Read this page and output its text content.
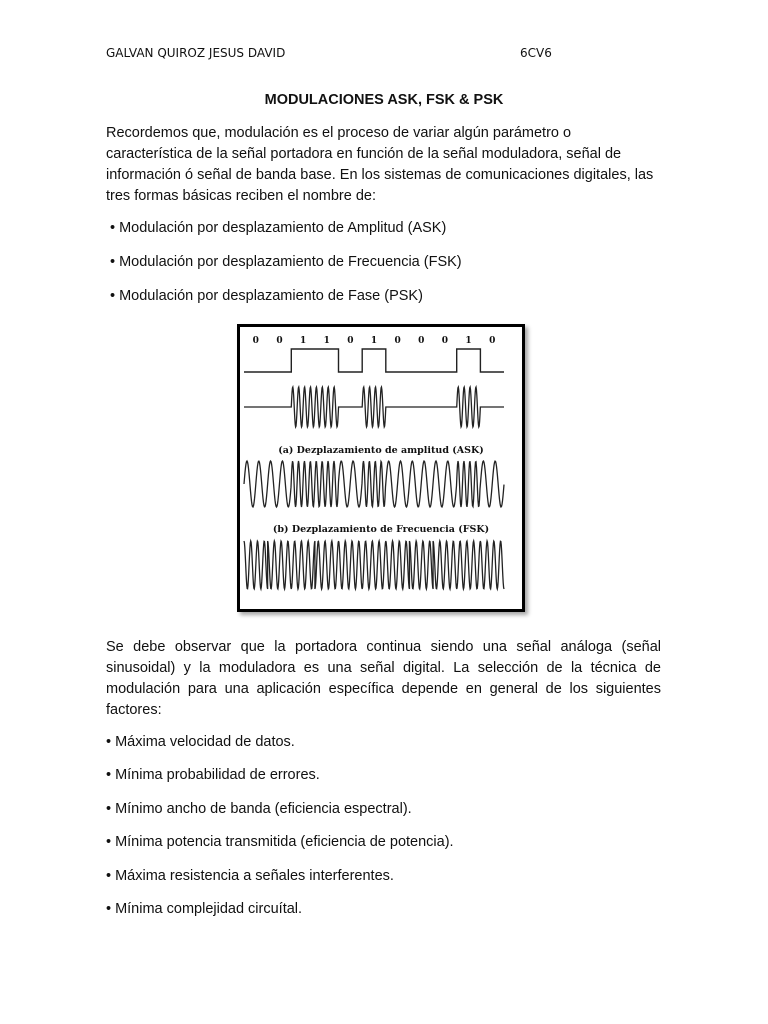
GALVAN QUIROZ JESUS DAVID	6CV6
MODULACIONES ASK, FSK & PSK

Recordemos que, modulación es el proceso de variar algún parámetro o característica de la señal portadora en función de la señal moduladora, señal de información ó señal de banda base. En los sistemas de comunicaciones digitales, las tres formas básicas reciben el nombre de:

• Modulación por desplazamiento de Amplitud (ASK)
• Modulación por desplazamiento de Frecuencia (FSK)
• Modulación por desplazamiento de Fase (PSK)
0 0 1 1 0 1 0 0 0 1 0
(a) Dezplazamiento de amplitud (ASK)
(b) Dezplazamiento de Frecuencia (FSK)

Se debe observar que la portadora continua siendo una señal análoga (señal sinusoidal) y la moduladora es una señal digital. La selección de la técnica de modulación para una aplicación específica depende en general de los siguientes factores:

• Máxima velocidad de datos.
• Mínima probabilidad de errores.
• Mínimo ancho de banda (eficiencia espectral).
• Mínima potencia transmitida (eficiencia de potencia).
• Máxima resistencia a señales interferentes.
• Mínima complejidad circuítal.
